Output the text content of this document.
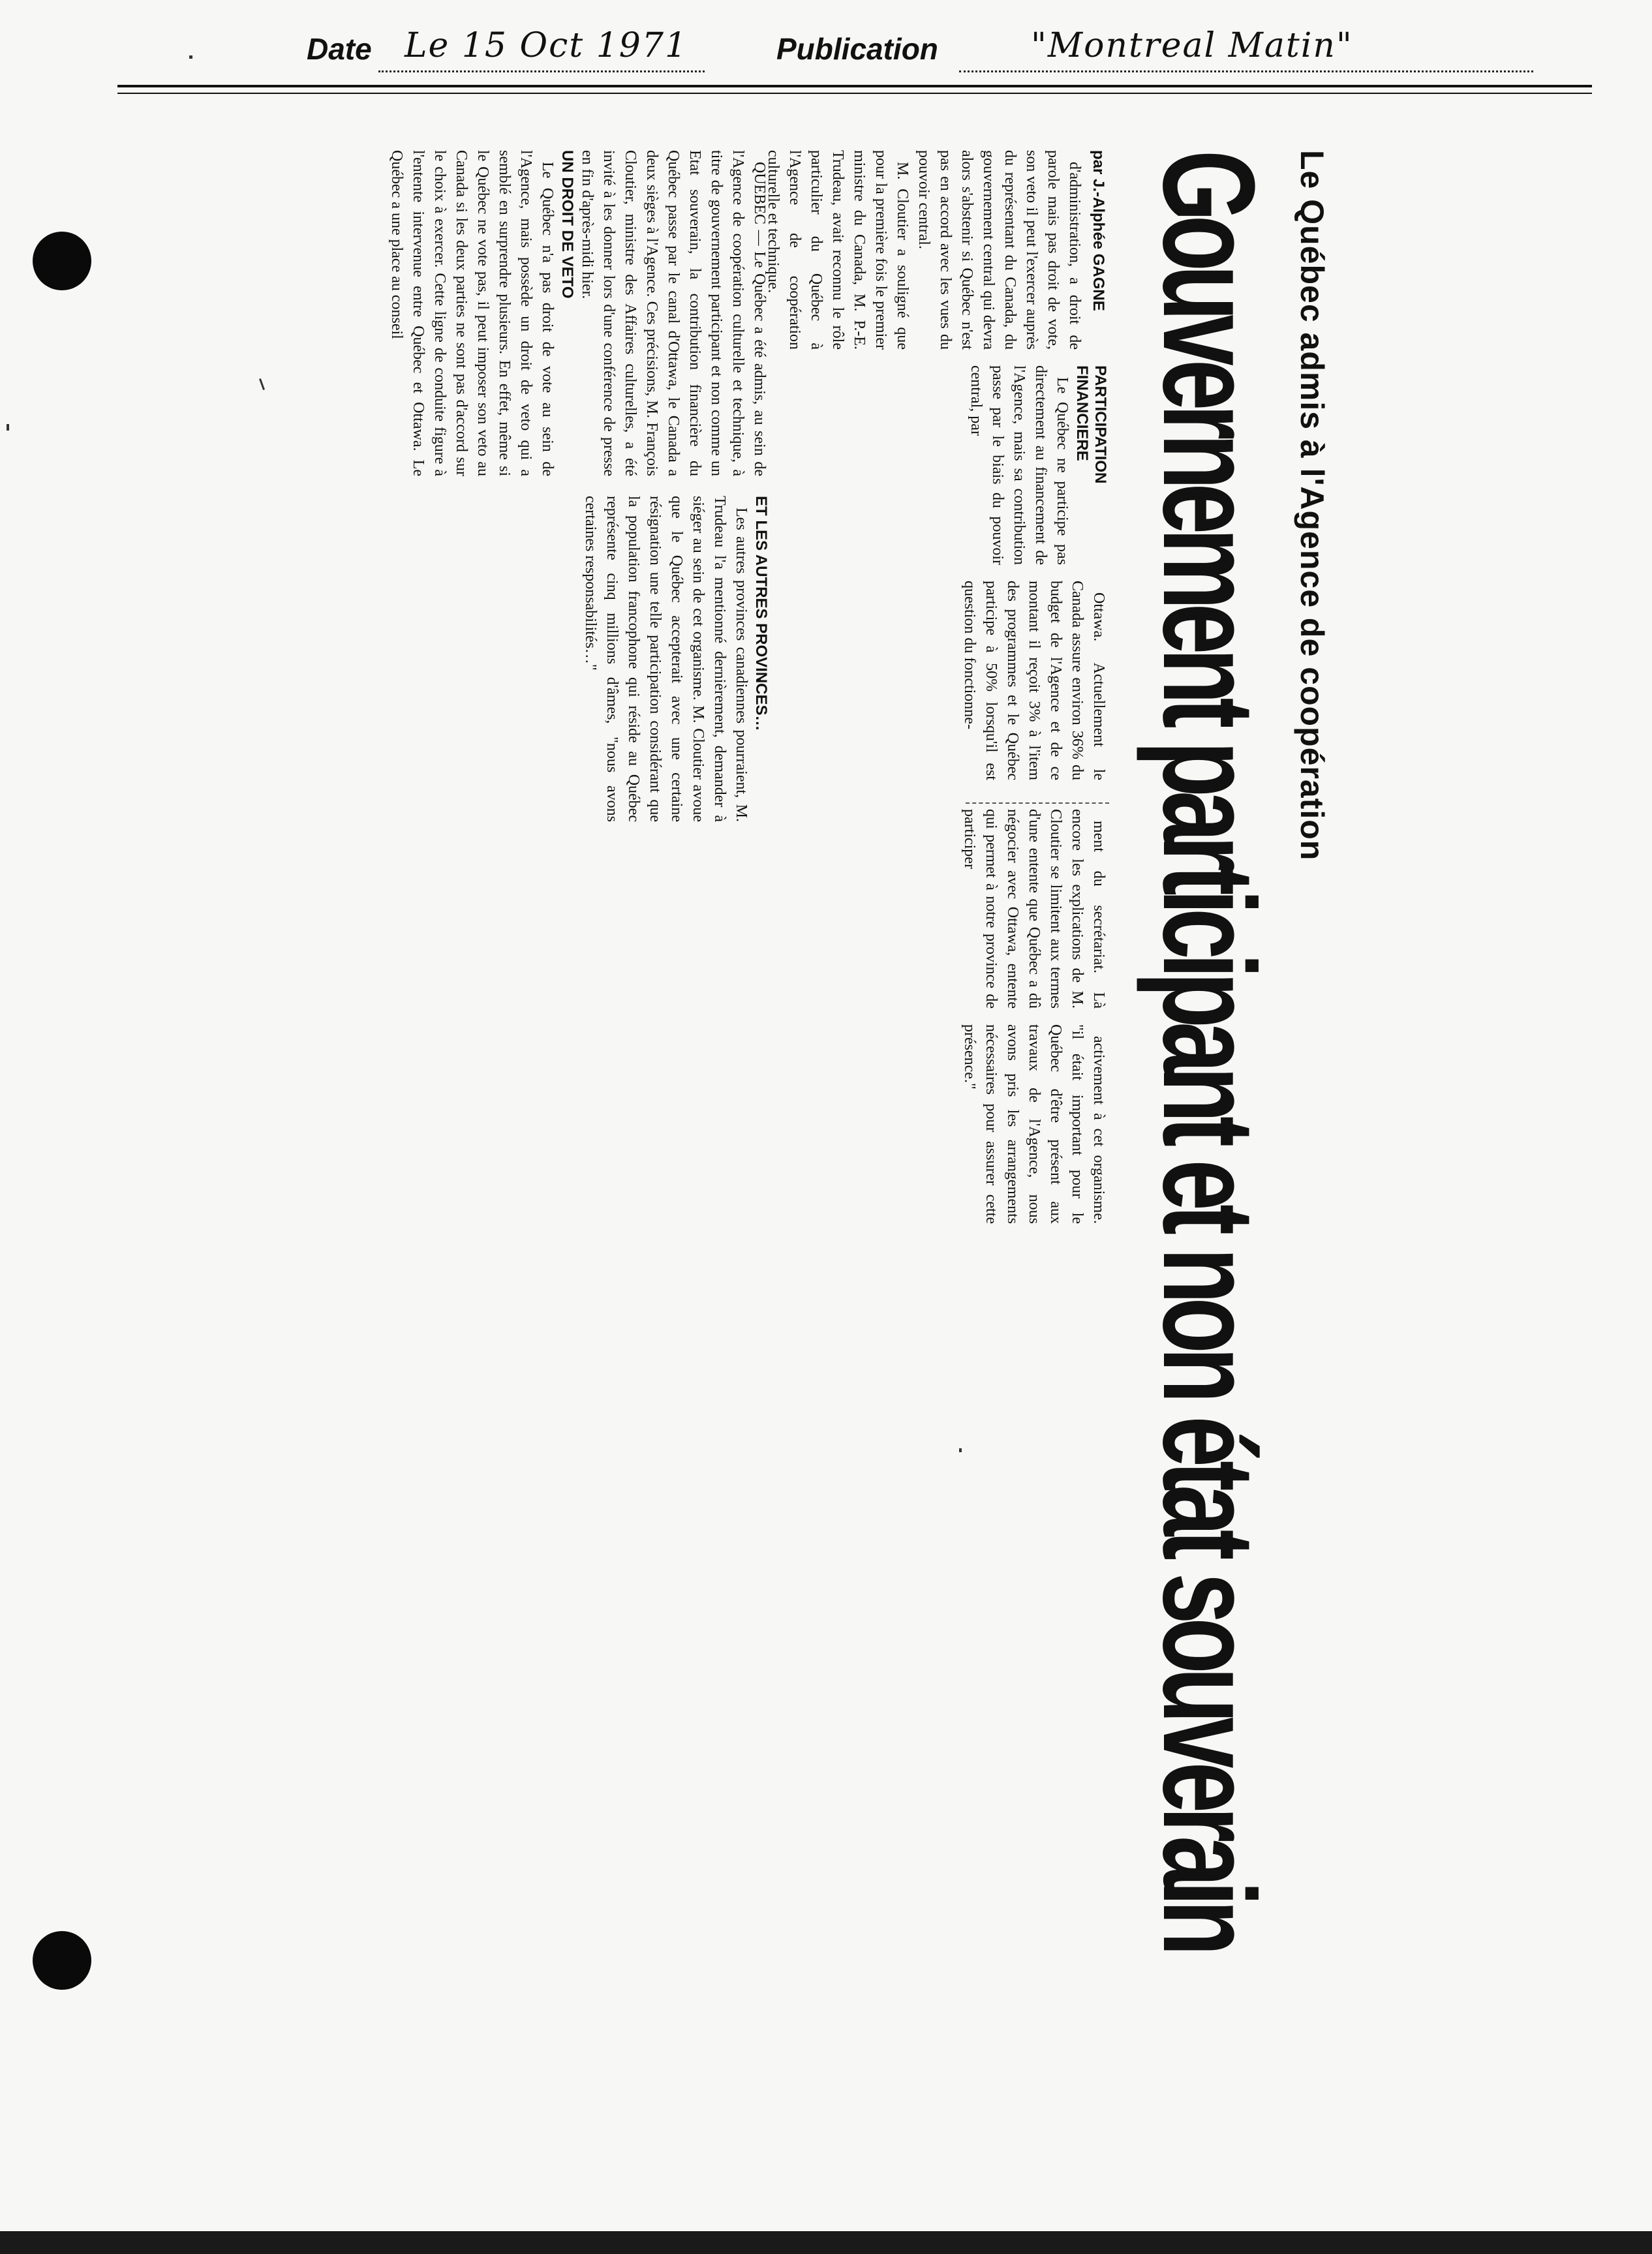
Date Le 15 Oct 1971	Publication	"Montreal Matin"
Le Québec admis à l'Agence de coopération
Gouvernement participant et non état souverain

par J.-Alphée GAGNE

d'administration, a droit de parole mais pas droit de vote, son veto il peut l'exercer auprès du représentant du Canada, du gouvernement central qui devra alors s'abstenir si Québec n'est pas en accord avec les vues du pouvoir central.

M. Cloutier a souligné que pour la première fois le premier ministre du Canada, M. P.-E. Trudeau, avait reconnu le rôle particulier du Québec à l'Agence de coopération culturelle et technique.

PARTICIPATION FINANCIERE

Le Québec ne participe pas directement au financement de l'Agence, mais sa contribution passe par le biais du pouvoir central, par

Ottawa. Actuellement le Canada assure environ 36% du budget de l'Agence et de ce montant il reçoit 3% à l'item des programmes et le Québec participe à 50% lorsqu'il est question du fonctionne-

ment du secrétariat. Là encore les explications de M. Cloutier se limitent aux termes d'une entente que Québec a dû négocier avec Ottawa, entente qui permet à notre province de participer

activement à cet organisme. "il était important pour le Québec d'être présent aux travaux de l'Agence, nous avons pris les arrangements nécessaires pour assurer cette présence."

QUEBEC — Le Québec a été admis, au sein de l'Agence de coopération culturelle et technique, à titre de gouvernement participant et non comme un Etat souverain, la contribution financière du Québec passe par le canal d'Ottawa, le Canada a deux sièges à l'Agence. Ces précisions, M. François Cloutier, ministre des Affaires culturelles, a été invité à les donner lors d'une conférence de presse en fin d'après-midi hier.

UN DROIT DE VETO

Le Québec n'a pas droit de vote au sein de l'Agence, mais possède un droit de veto qui a semblé en surprendre plusieurs. En effet, même si le Québec ne vote pas, il peut imposer son veto au Canada si les deux parties ne sont pas d'accord sur le choix à exercer. Cette ligne de conduite figure à l'entente intervenue entre Québec et Ottawa. Le Québec a une place au conseil

ET LES AUTRES PROVINCES…

Les autres provinces canadiennes pourraient, M. Trudeau l'a mentionné dernièrement, demander à siéger au sein de cet organisme. M. Cloutier avoue que le Québec accepterait avec une certaine résignation une telle participation considérant que la population francophone qui réside au Québec représente cinq millions d'âmes, "nous avons certaines responsabilités…"
